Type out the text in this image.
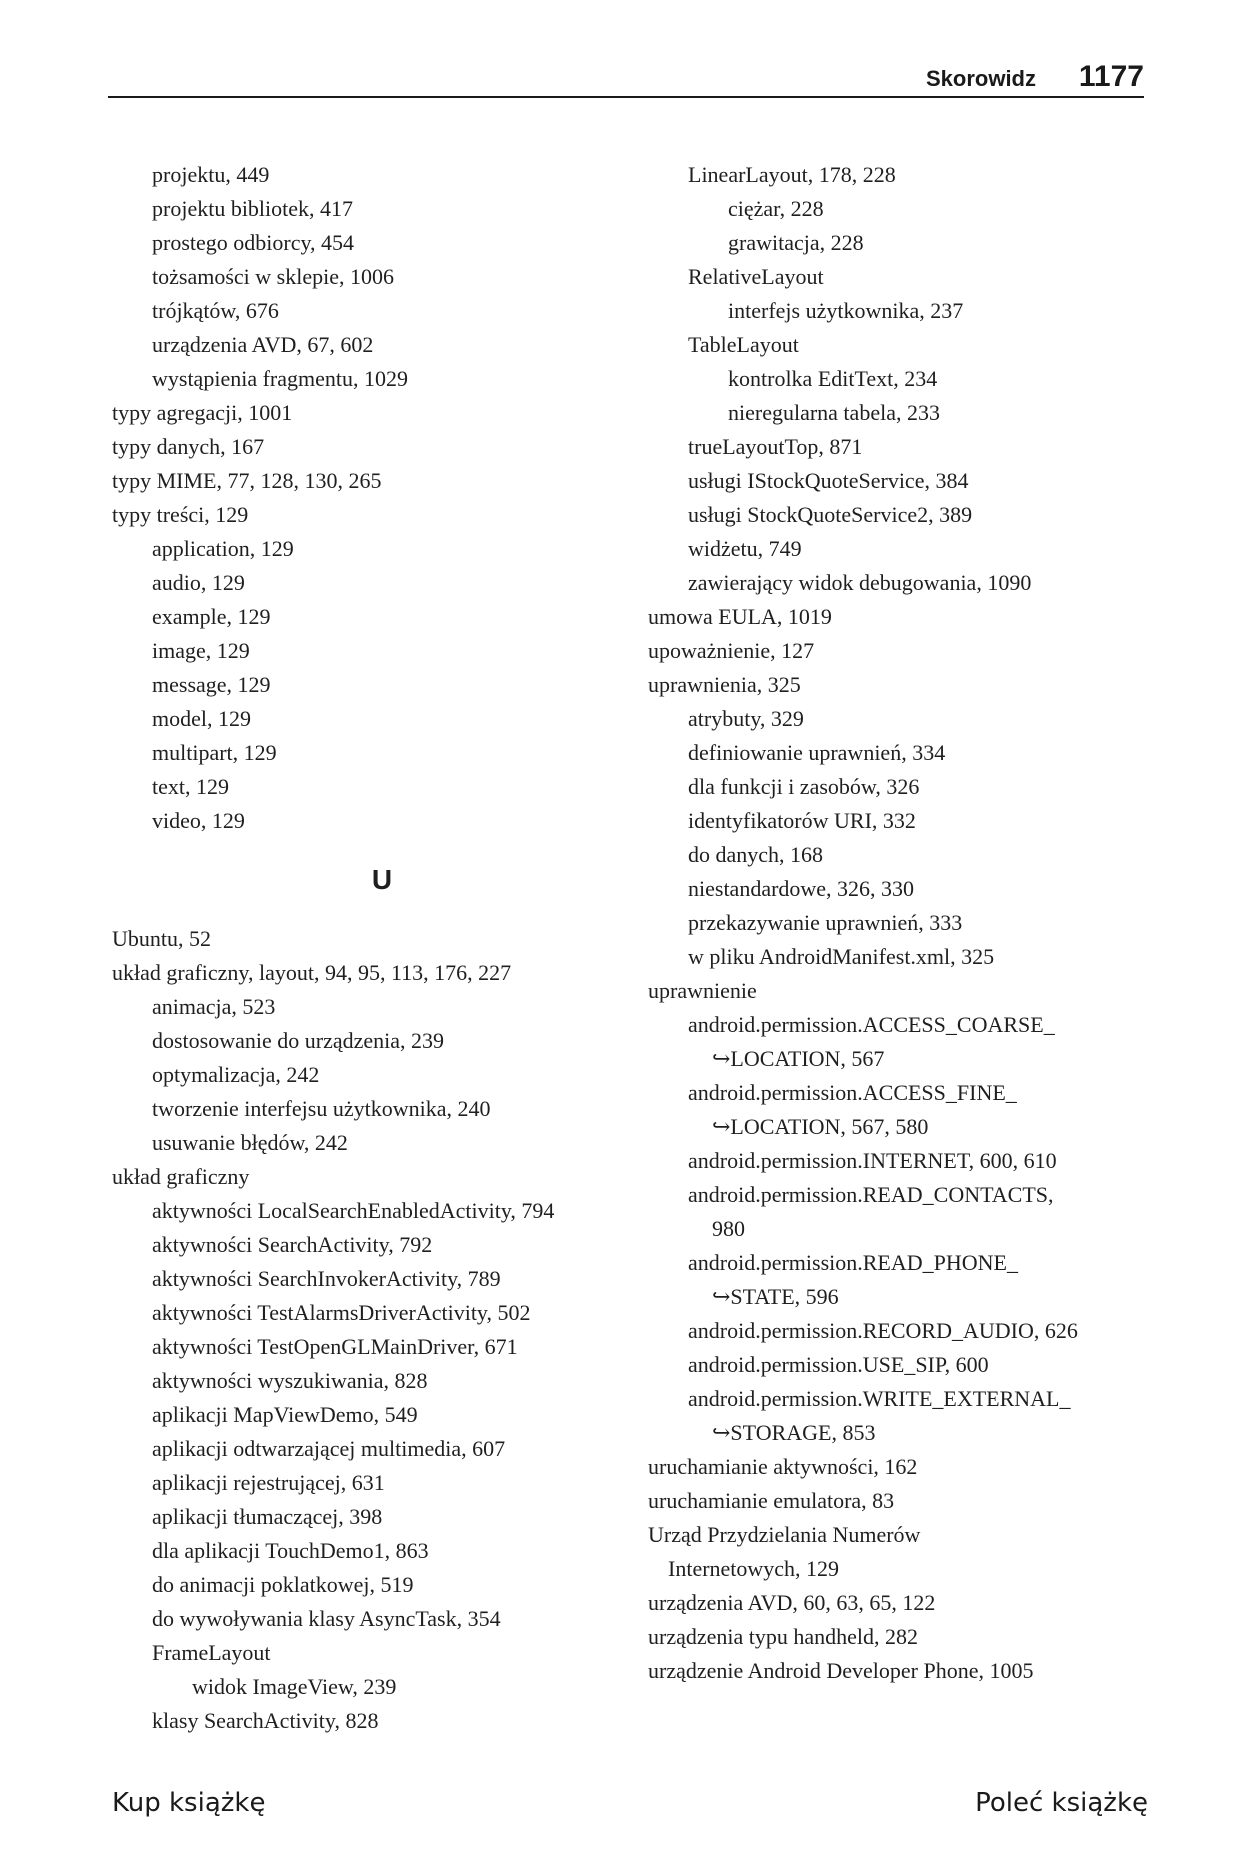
Skorowidz 1177
projektu, 449
projektu bibliotek, 417
prostego odbiorcy, 454
tożsamości w sklepie, 1006
trójkątów, 676
urządzenia AVD, 67, 602
wystąpienia fragmentu, 1029
typy agregacji, 1001
typy danych, 167
typy MIME, 77, 128, 130, 265
typy treści, 129
application, 129
audio, 129
example, 129
image, 129
message, 129
model, 129
multipart, 129
text, 129
video, 129
U
Ubuntu, 52
układ graficzny, layout, 94, 95, 113, 176, 227
animacja, 523
dostosowanie do urządzenia, 239
optymalizacja, 242
tworzenie interfejsu użytkownika, 240
usuwanie błędów, 242
układ graficzny
aktywności LocalSearchEnabledActivity, 794
aktywności SearchActivity, 792
aktywności SearchInvokerActivity, 789
aktywności TestAlarmsDriverActivity, 502
aktywności TestOpenGLMainDriver, 671
aktywności wyszukiwania, 828
aplikacji MapViewDemo, 549
aplikacji odtwarzającej multimedia, 607
aplikacji rejestrującej, 631
aplikacji tłumaczącej, 398
dla aplikacji TouchDemo1, 863
do animacji poklatkowej, 519
do wywoływania klasy AsyncTask, 354
FrameLayout
widok ImageView, 239
klasy SearchActivity, 828
LinearLayout, 178, 228
ciężar, 228
grawitacja, 228
RelativeLayout
interfejs użytkownika, 237
TableLayout
kontrolka EditText, 234
nieregularna tabela, 233
trueLayoutTop, 871
usługi IStockQuoteService, 384
usługi StockQuoteService2, 389
widżetu, 749
zawierający widok debugowania, 1090
umowa EULA, 1019
upoważnienie, 127
uprawnienia, 325
atrybuty, 329
definiowanie uprawnień, 334
dla funkcji i zasobów, 326
identyfikatorów URI, 332
do danych, 168
niestandardowe, 326, 330
przekazywanie uprawnień, 333
w pliku AndroidManifest.xml, 325
uprawnienie
android.permission.ACCESS_COARSE_
↪LOCATION, 567
android.permission.ACCESS_FINE_
↪LOCATION, 567, 580
android.permission.INTERNET, 600, 610
android.permission.READ_CONTACTS,
980
android.permission.READ_PHONE_
↪STATE, 596
android.permission.RECORD_AUDIO, 626
android.permission.USE_SIP, 600
android.permission.WRITE_EXTERNAL_
↪STORAGE, 853
uruchamianie aktywności, 162
uruchamianie emulatora, 83
Urząd Przydzielania Numerów
Internetowych, 129
urządzenia AVD, 60, 63, 65, 122
urządzenia typu handheld, 282
urządzenie Android Developer Phone, 1005
Kup książkę	Poleć książkę
